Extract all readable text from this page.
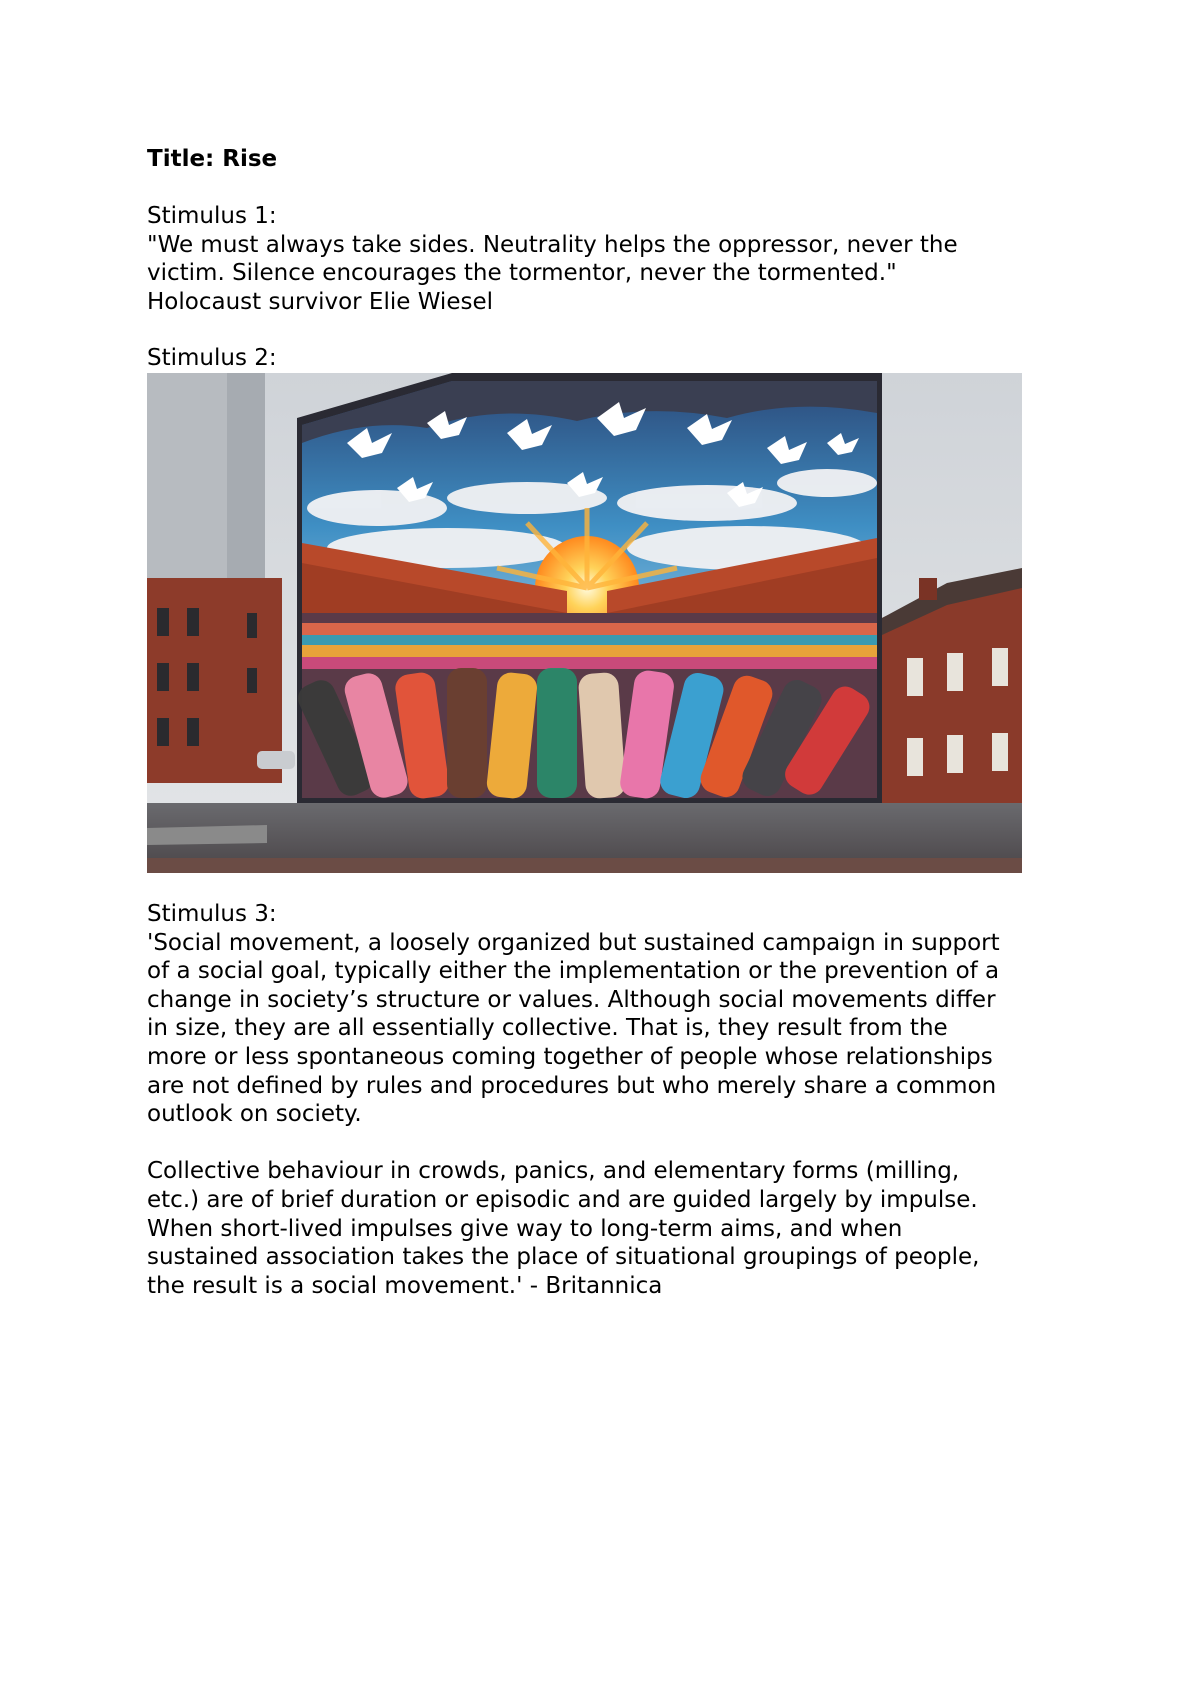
Title: Rise
Stimulus 1:
"We must always take sides. Neutrality helps the oppressor, never the
victim. Silence encourages the tormentor, never the tormented."
Holocaust survivor Elie Wiesel
Stimulus 2:
Stimulus 3:
'Social movement, a loosely organized but sustained campaign in support
of a social goal, typically either the implementation or the prevention of a
change in society’s structure or values. Although social movements differ
in size, they are all essentially collective. That is, they result from the
more or less spontaneous coming together of people whose relationships
are not defined by rules and procedures but who merely share a common
outlook on society.

Collective behaviour in crowds, panics, and elementary forms (milling,
etc.) are of brief duration or episodic and are guided largely by impulse.
When short-lived impulses give way to long-term aims, and when
sustained association takes the place of situational groupings of people,
the result is a social movement.' - Britannica
